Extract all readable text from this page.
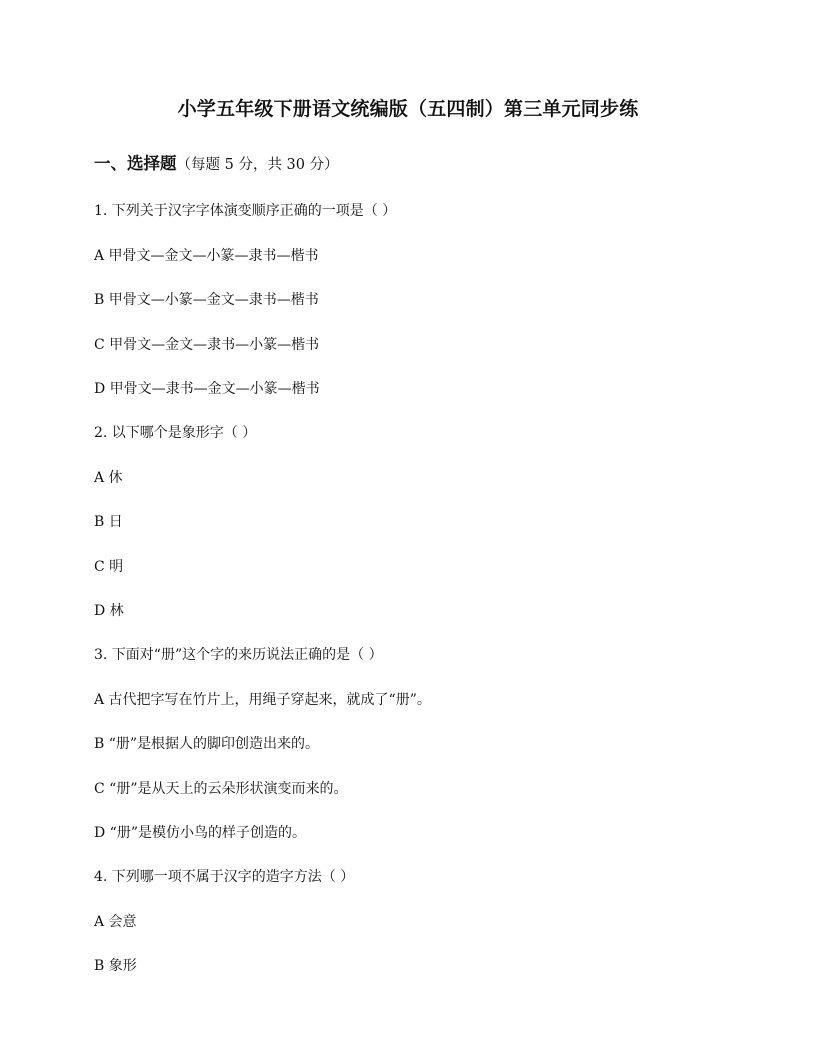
小学五年级下册语文统编版（五四制）第三单元同步练
一、选择题（每题 5 分，共 30 分）
1. 下列关于汉字字体演变顺序正确的一项是（ ）
A 甲骨文—金文—小篆—隶书—楷书
B 甲骨文—小篆—金文—隶书—楷书
C 甲骨文—金文—隶书—小篆—楷书
D 甲骨文—隶书—金文—小篆—楷书
2. 以下哪个是象形字（ ）
A 休
B 日
C 明
D 林
3. 下面对“册”这个字的来历说法正确的是（ ）
A 古代把字写在竹片上，用绳子穿起来，就成了“册”。
B “册”是根据人的脚印创造出来的。
C “册”是从天上的云朵形状演变而来的。
D “册”是模仿小鸟的样子创造的。
4. 下列哪一项不属于汉字的造字方法（ ）
A 会意
B 象形
